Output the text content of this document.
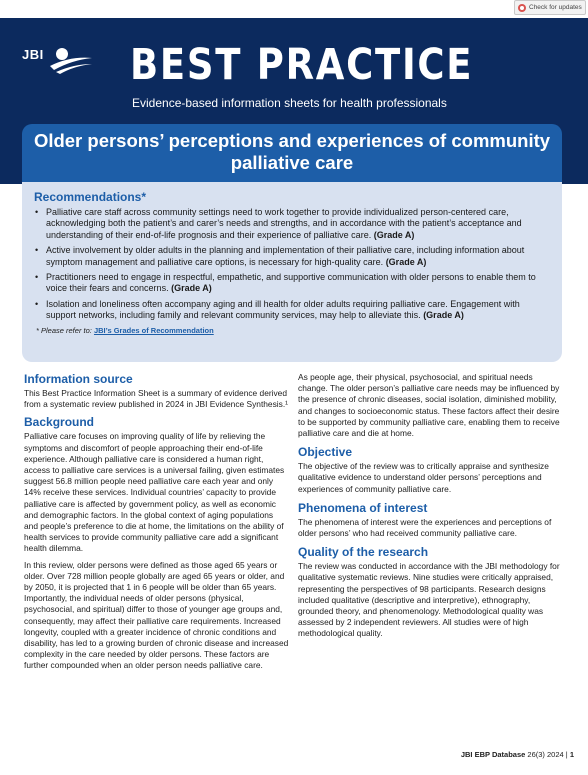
Check for updates
JBI BEST PRACTICE
Evidence-based information sheets for health professionals
Older persons’ perceptions and experiences of community palliative care
Recommendations*
• Palliative care staff across community settings need to work together to provide individualized person-centered care, acknowledging both the patient’s and carer’s needs and strengths, and in accordance with the patient’s acceptance and understanding of their end-of-life prognosis and their experience of palliative care. (Grade A)
• Active involvement by older adults in the planning and implementation of their palliative care, including information about symptom management and palliative care options, is necessary for high-quality care. (Grade A)
• Practitioners need to engage in respectful, empathetic, and supportive communication with older persons to enable them to voice their fears and concerns. (Grade A)
• Isolation and loneliness often accompany aging and ill health for older adults requiring palliative care. Engagement with support networks, including family and relevant community services, may help to alleviate this. (Grade A)
* Please refer to: JBI’s Grades of Recommendation
Information source

This Best Practice Information Sheet is a summary of evidence derived from a systematic review published in 2024 in JBI Evidence Synthesis.¹

Background

Palliative care focuses on improving quality of life by relieving the symptoms and discomfort of people approaching their end-of-life experience. Although palliative care is considered a human right, access to palliative care services is a universal failing, given estimates suggest 56.8 million people need palliative care each year and only 14% receive these services. Individual countries’ capacity to provide palliative care is affected by government policy, as well as economic and demographic factors. In the global context of aging populations and people’s preference to die at home, the limitations on the ability of health services to provide community palliative care add a significant health dilemma.

In this review, older persons were defined as those aged 65 years or older. Over 728 million people globally are aged 65 years or older, and by 2050, it is projected that 1 in 6 people will be older than 65 years. Importantly, the individual needs of older persons (physical, psychosocial, and spiritual) differ to those of younger age groups and, consequently, may affect their palliative care requirements. Increased longevity, coupled with a greater incidence of chronic conditions and disability, has led to a growing burden of chronic disease and increased complexity in the care needed by older persons. These factors are further compounded when an older person needs palliative care.

As people age, their physical, psychosocial, and spiritual needs change. The older person’s palliative care needs may be influenced by the presence of chronic diseases, social isolation, diminished mobility, and changes to socioeconomic status. These factors affect their desire to be supported by community palliative care, enabling them to receive palliative care and die at home.

Objective

The objective of the review was to critically appraise and synthesize qualitative evidence to understand older persons’ perceptions and experiences of community palliative care.

Phenomena of interest

The phenomena of interest were the experiences and perceptions of older persons’ who had received community palliative care.

Quality of the research

The review was conducted in accordance with the JBI methodology for qualitative systematic reviews. Nine studies were critically appraised, representing the perspectives of 98 participants. Research designs included qualitative (descriptive and interpretive), ethnography, grounded theory, and phenomenology. Methodological quality was assessed by 2 independent reviewers. All studies were of high methodological quality.

JBI EBP Database 26(3) 2024 | 1
